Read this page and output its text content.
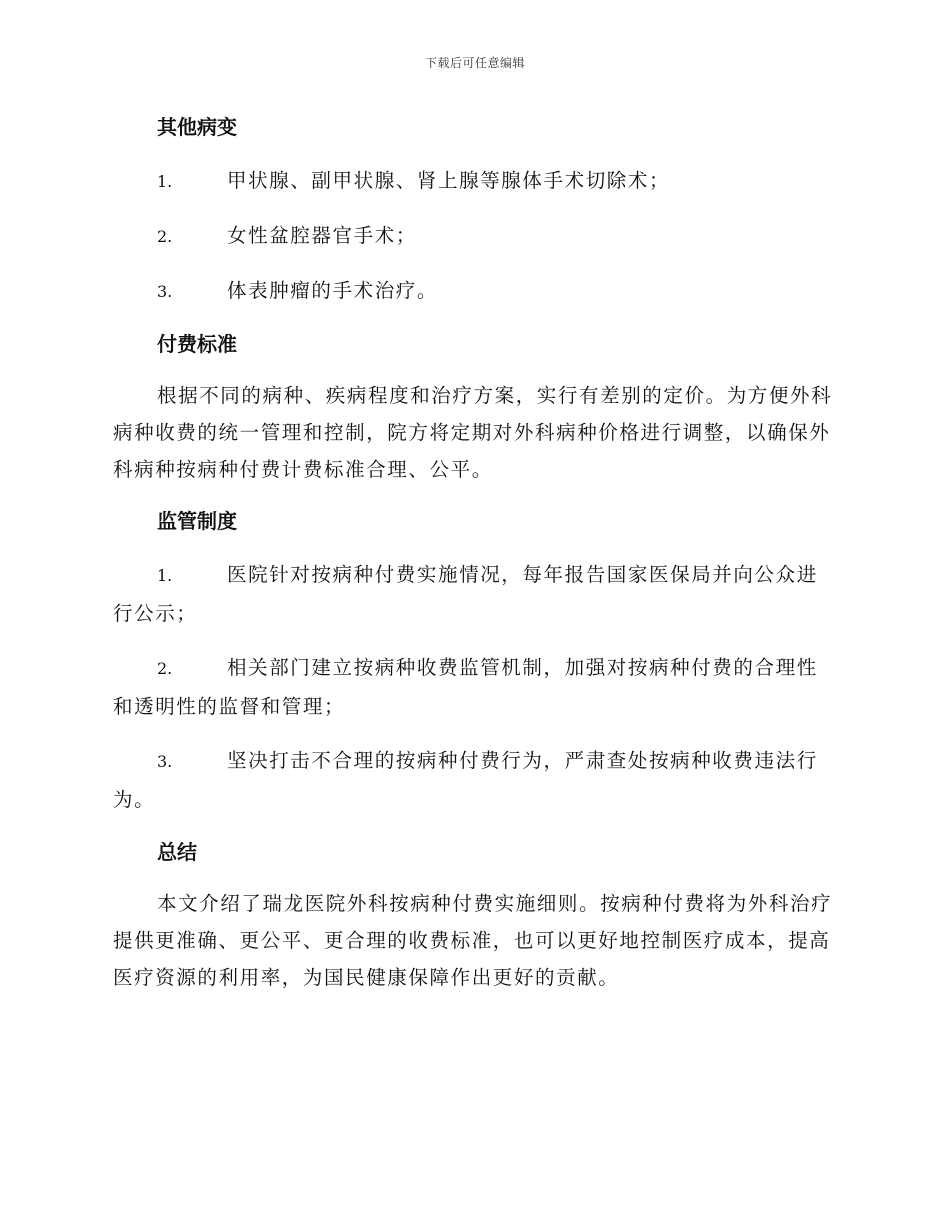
下载后可任意编辑
其他病变
1.	甲状腺、副甲状腺、肾上腺等腺体手术切除术；
2.	女性盆腔器官手术；
3.	体表肿瘤的手术治疗。
付费标准
根据不同的病种、疾病程度和治疗方案，实行有差别的定价。为方便外科病种收费的统一管理和控制，院方将定期对外科病种价格进行调整，以确保外科病种按病种付费计费标准合理、公平。
监管制度
1.	医院针对按病种付费实施情况，每年报告国家医保局并向公众进行公示；
2.	相关部门建立按病种收费监管机制，加强对按病种付费的合理性和透明性的监督和管理；
3.	坚决打击不合理的按病种付费行为，严肃查处按病种收费违法行为。
总结
本文介绍了瑞龙医院外科按病种付费实施细则。按病种付费将为外科治疗提供更准确、更公平、更合理的收费标准，也可以更好地控制医疗成本，提高医疗资源的利用率，为国民健康保障作出更好的贡献。
